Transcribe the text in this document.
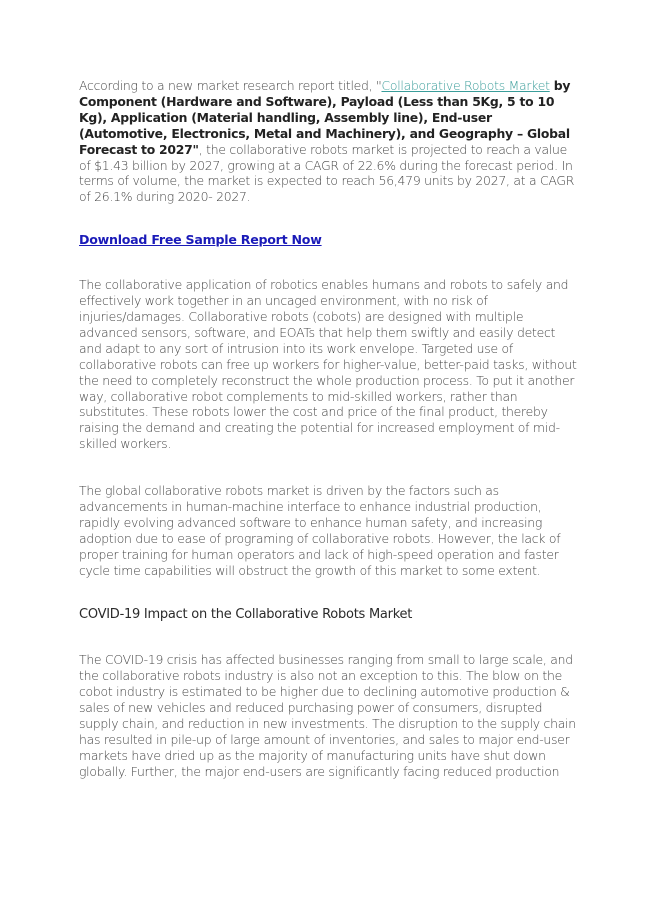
According to a new market research report titled, "Collaborative Robots Market by Component (Hardware and Software), Payload (Less than 5Kg, 5 to 10 Kg), Application (Material handling, Assembly line), End-user (Automotive, Electronics, Metal and Machinery), and Geography – Global Forecast to 2027", the collaborative robots market is projected to reach a value of $1.43 billion by 2027, growing at a CAGR of 22.6% during the forecast period. In terms of volume, the market is expected to reach 56,479 units by 2027, at a CAGR of 26.1% during 2020- 2027.

Download Free Sample Report Now

The collaborative application of robotics enables humans and robots to safely and effectively work together in an uncaged environment, with no risk of injuries/damages. Collaborative robots (cobots) are designed with multiple advanced sensors, software, and EOATs that help them swiftly and easily detect and adapt to any sort of intrusion into its work envelope. Targeted use of collaborative robots can free up workers for higher-value, better-paid tasks, without the need to completely reconstruct the whole production process. To put it another way, collaborative robot complements to mid-skilled workers, rather than substitutes. These robots lower the cost and price of the final product, thereby raising the demand and creating the potential for increased employment of mid-skilled workers.

The global collaborative robots market is driven by the factors such as advancements in human-machine interface to enhance industrial production, rapidly evolving advanced software to enhance human safety, and increasing adoption due to ease of programing of collaborative robots. However, the lack of proper training for human operators and lack of high-speed operation and faster cycle time capabilities will obstruct the growth of this market to some extent.

COVID-19 Impact on the Collaborative Robots Market

The COVID-19 crisis has affected businesses ranging from small to large scale, and the collaborative robots industry is also not an exception to this. The blow on the cobot industry is estimated to be higher due to declining automotive production & sales of new vehicles and reduced purchasing power of consumers, disrupted supply chain, and reduction in new investments. The disruption to the supply chain has resulted in pile-up of large amount of inventories, and sales to major end-user markets have dried up as the majority of manufacturing units have shut down globally. Further, the major end-users are significantly facing reduced production
